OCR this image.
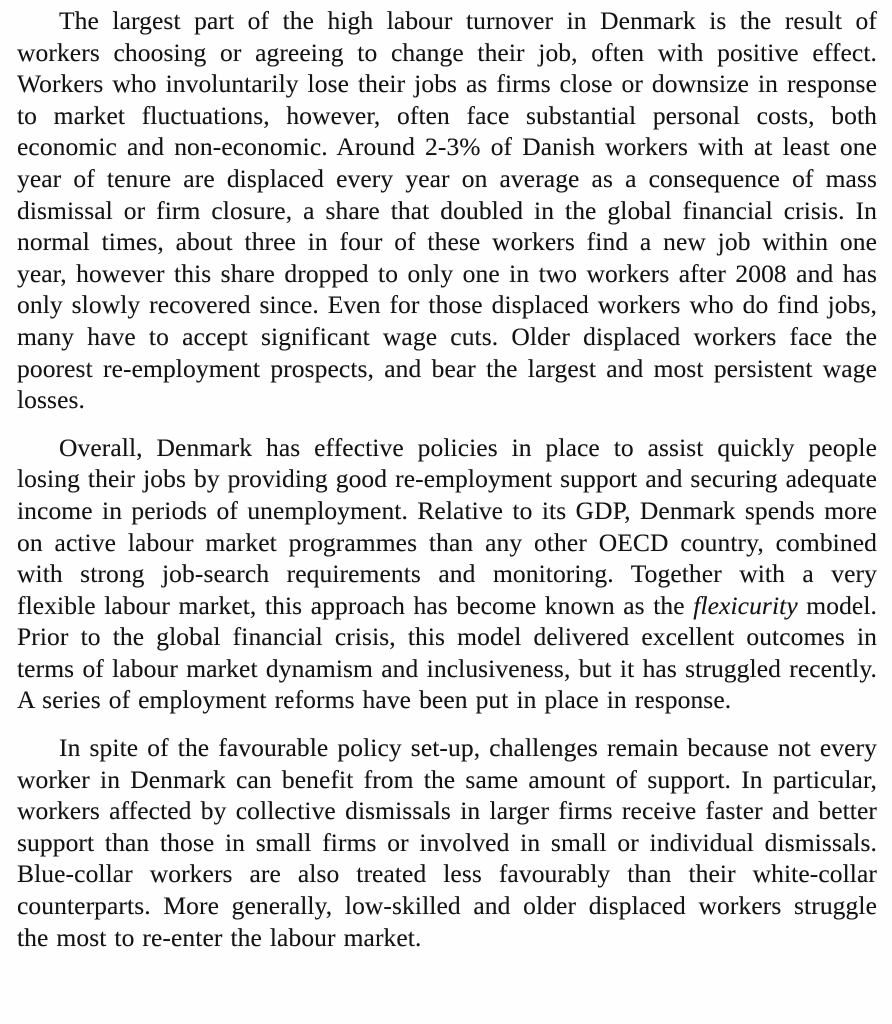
The largest part of the high labour turnover in Denmark is the result of workers choosing or agreeing to change their job, often with positive effect. Workers who involuntarily lose their jobs as firms close or downsize in response to market fluctuations, however, often face substantial personal costs, both economic and non-economic. Around 2-3% of Danish workers with at least one year of tenure are displaced every year on average as a consequence of mass dismissal or firm closure, a share that doubled in the global financial crisis. In normal times, about three in four of these workers find a new job within one year, however this share dropped to only one in two workers after 2008 and has only slowly recovered since. Even for those displaced workers who do find jobs, many have to accept significant wage cuts. Older displaced workers face the poorest re-employment prospects, and bear the largest and most persistent wage losses.

Overall, Denmark has effective policies in place to assist quickly people losing their jobs by providing good re-employment support and securing adequate income in periods of unemployment. Relative to its GDP, Denmark spends more on active labour market programmes than any other OECD country, combined with strong job-search requirements and monitoring. Together with a very flexible labour market, this approach has become known as the flexicurity model. Prior to the global financial crisis, this model delivered excellent outcomes in terms of labour market dynamism and inclusiveness, but it has struggled recently. A series of employment reforms have been put in place in response.

In spite of the favourable policy set-up, challenges remain because not every worker in Denmark can benefit from the same amount of support. In particular, workers affected by collective dismissals in larger firms receive faster and better support than those in small firms or involved in small or individual dismissals. Blue-collar workers are also treated less favourably than their white-collar counterparts. More generally, low-skilled and older displaced workers struggle the most to re-enter the labour market.
